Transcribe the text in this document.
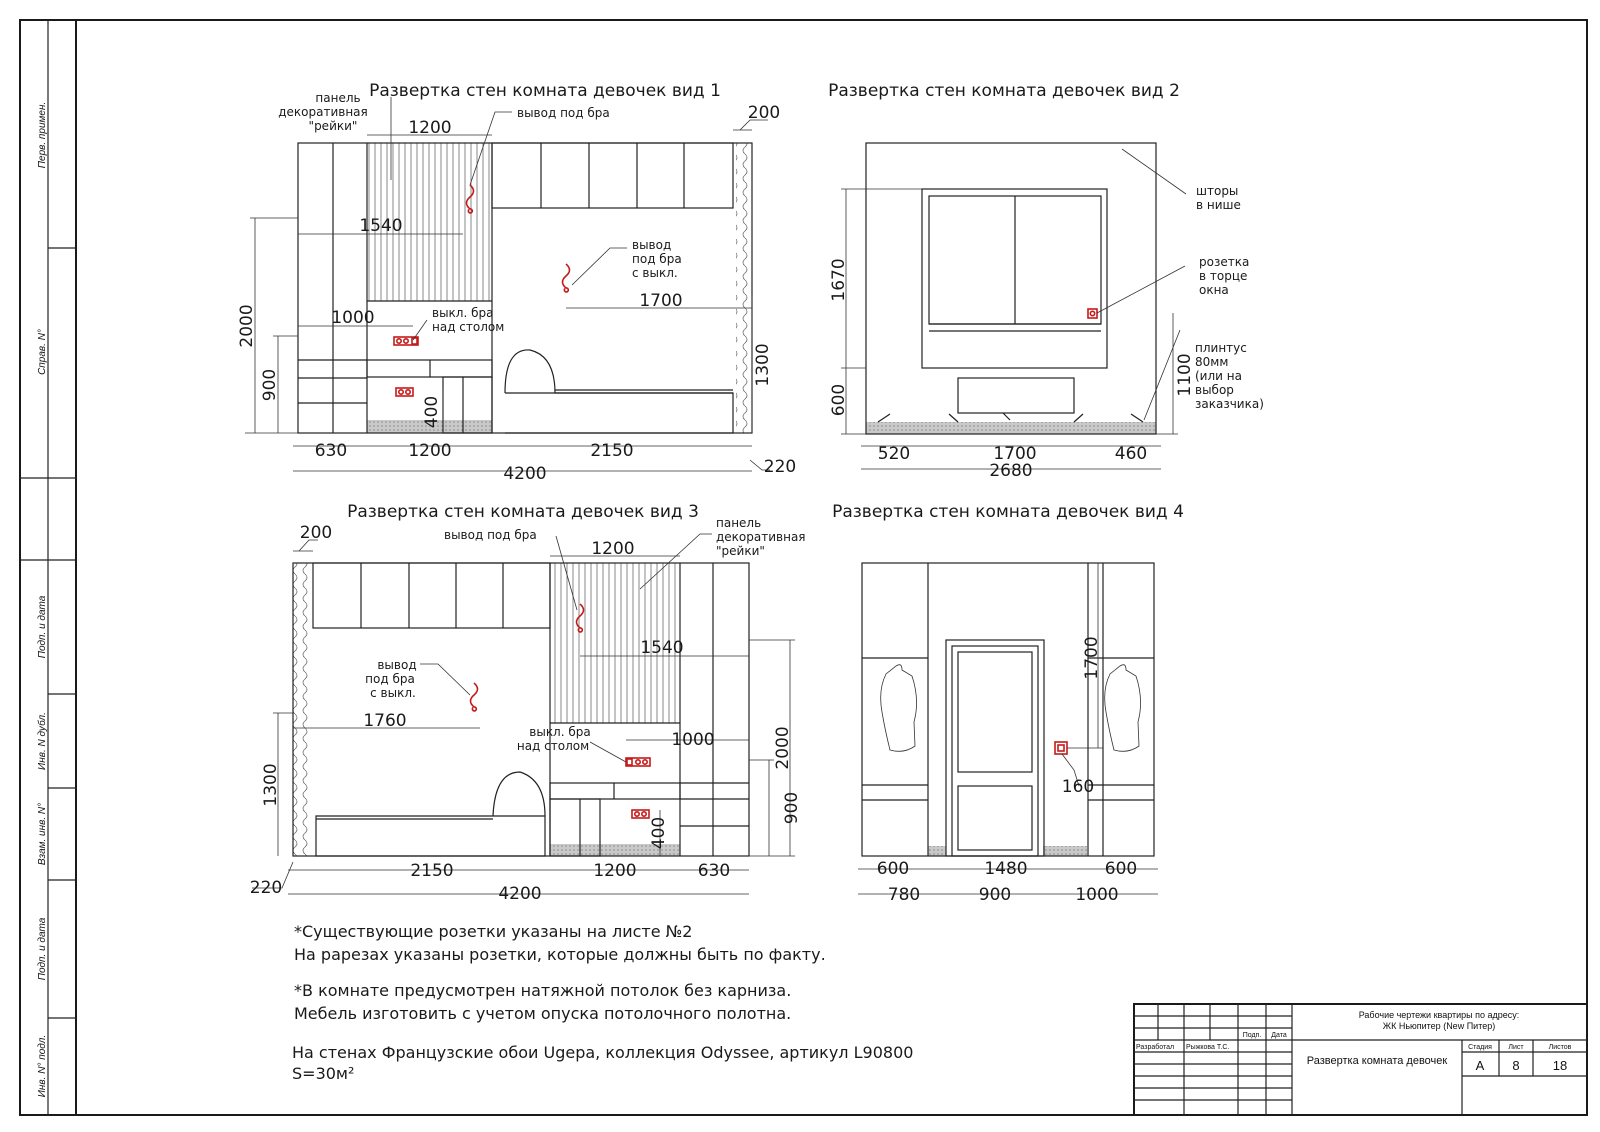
Перв. примен.
Справ. N°
Подп. и дата
Инв. N дубл.
Взам. инв. N°
Подп. и дата
Инв. N° подл.
Развертка стен комната девочек вид 1
панель
декоративная
"рейки"
вывод под бра
вывод
под бра
с выкл.
выкл. бра
над столом
1200
200
1540
1700
1000
2000
900	1300
400
630	1200	2150
4200	220
Развертка стен комната девочек вид 2
шторы
в нише
розетка
в торце
окна
плинтус
80мм
(или на
выбор
заказчика)
1670
600
1100
520	1700	460
2680
Развертка стен комната девочек вид 3
вывод под бра
панель
декоративная
"рейки"
вывод
под бра
с выкл.
выкл. бра
над столом
200
1200
1540
1760
1000
1300
2000
900
400
220
2150	1200	630
4200
Развертка стен комната девочек вид 4
1700
160
600	1480	600
780	900	1000
*Существующие розетки указаны на листе №2
На рарезах указаны розетки, которые должны быть по факту.
*В комнате предусмотрен натяжной потолок без карниза.
Мебель изготовить с учетом опуска потолочного полотна.
На стенах Французские обои Ugepa, коллекция Odyssee, артикул L90800
S=30м²
Рабочие чертежи квартиры по адресу:
ЖК Ньюпитер (New Питер)
Подп. Дата
Разработал Рыжкова Т.С.
Развертка комната девочек
Стадия Лист	Листов
А 8	18
